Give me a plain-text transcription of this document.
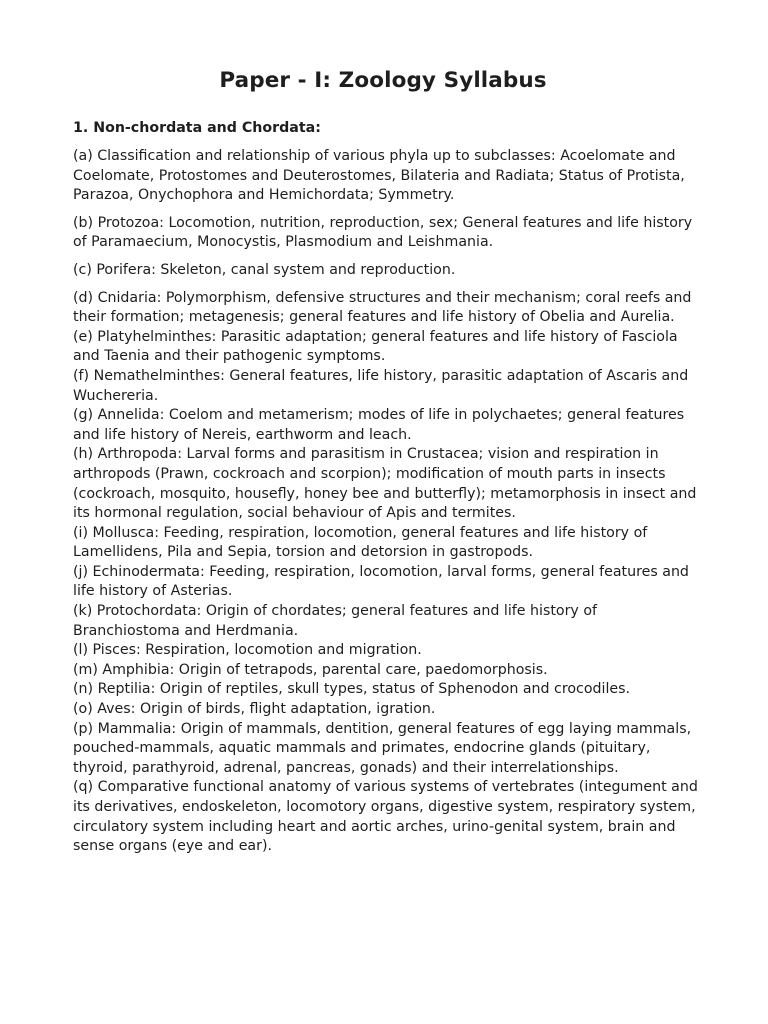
Paper - I: Zoology Syllabus
1. Non-chordata and Chordata:

(a) Classification and relationship of various phyla up to subclasses: Acoelomate and Coelomate, Protostomes and Deuterostomes, Bilateria and Radiata; Status of Protista, Parazoa, Onychophora and Hemichordata; Symmetry.

(b) Protozoa: Locomotion, nutrition, reproduction, sex; General features and life history of Paramaecium, Monocystis, Plasmodium and Leishmania.

(c) Porifera: Skeleton, canal system and reproduction.

(d) Cnidaria: Polymorphism, defensive structures and their mechanism; coral reefs and their formation; metagenesis; general features and life history of Obelia and Aurelia.

(e) Platyhelminthes: Parasitic adaptation; general features and life history of Fasciola and Taenia and their pathogenic symptoms.

(f) Nemathelminthes: General features, life history, parasitic adaptation of Ascaris and Wuchereria.

(g) Annelida: Coelom and metamerism; modes of life in polychaetes; general features and life history of Nereis, earthworm and leach.

(h) Arthropoda: Larval forms and parasitism in Crustacea; vision and respiration in arthropods (Prawn, cockroach and scorpion); modification of mouth parts in insects (cockroach, mosquito, housefly, honey bee and butterfly); metamorphosis in insect and its hormonal regulation, social behaviour of Apis and termites.

(i) Mollusca: Feeding, respiration, locomotion, general features and life history of Lamellidens, Pila and Sepia, torsion and detorsion in gastropods.

(j) Echinodermata: Feeding, respiration, locomotion, larval forms, general features and life history of Asterias.

(k) Protochordata: Origin of chordates; general features and life history of Branchiostoma and Herdmania.

(l) Pisces: Respiration, locomotion and migration.

(m) Amphibia: Origin of tetrapods, parental care, paedomorphosis.

(n) Reptilia: Origin of reptiles, skull types, status of Sphenodon and crocodiles.

(o) Aves: Origin of birds, flight adaptation, igration.

(p) Mammalia: Origin of mammals, dentition, general features of egg laying mammals, pouched-mammals, aquatic mammals and primates, endocrine glands (pituitary, thyroid, parathyroid, adrenal, pancreas, gonads) and their interrelationships.

(q) Comparative functional anatomy of various systems of vertebrates (integument and its derivatives, endoskeleton, locomotory organs, digestive system, respiratory system, circulatory system including heart and aortic arches, urino-genital system, brain and sense organs (eye and ear).
